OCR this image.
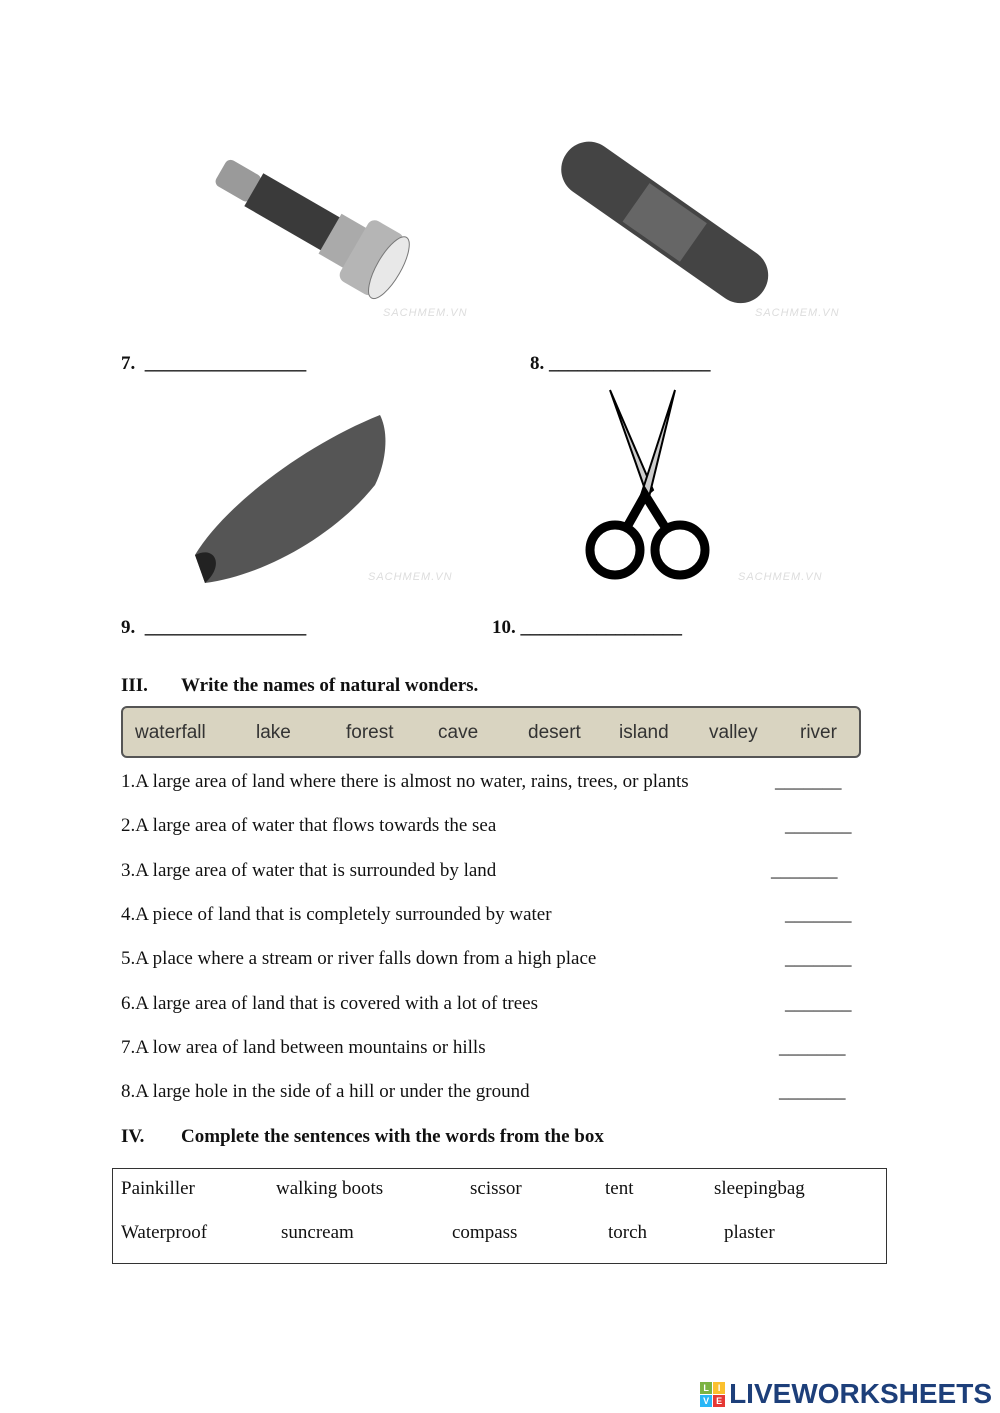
SACHMEM.VN	SACHMEM.VN
7. _________________	8. _________________
SACHMEM.VN	SACHMEM.VN
9. _________________	10. _________________
III. Write the names of natural wonders.
waterfall	lake	forest cave	desert island valley river
1.A large area of land where there is almost no water, rains, trees, or plants	_______
2.A large area of water that flows towards the sea	_______
3.A large area of water that is surrounded by land	_______
4.A piece of land that is completely surrounded by water	_______
5.A place where a stream or river falls down from a high place	_______
6.A large area of land that is covered with a lot of trees	_______
7.A low area of land between mountains or hills	_______
8.A large hole in the side of a hill or under the ground	_______
IV. Complete the sentences with the words from the box
Painkiller	walking boots	scissor	tent	sleepingbag
Waterproof	suncream	compass	torch	plaster
L I
V E LIVEWORKSHEETS
